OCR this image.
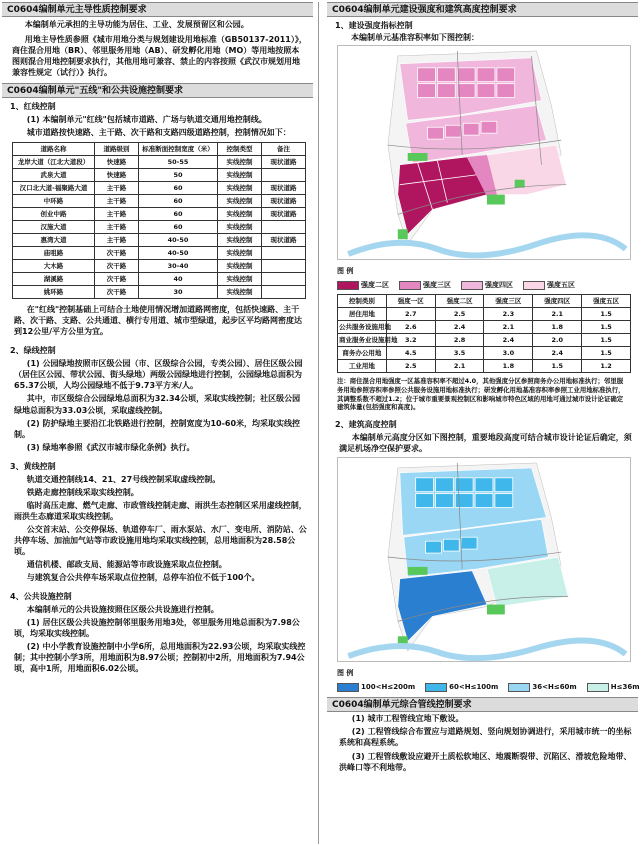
C0604编制单元主导性质控制要求
本编制单元承担的主导功能为居住、工业、发展预留区和公园。
用地主导性质参照《城市用地分类与规划建设用地标准（GB50137-2011）》，商住混合用地（BR）、邻里服务用地（AB）、研发孵化用地（MO）等用地按照本图则混合用地控制要求执行，其他用地可兼容、禁止的内容按照《武汉市规划用地兼容性规定（试行）》执行。
C0604编制单元"五线"和公共设施控制要求
1、红线控制
(1) 本编制单元"红线"包括城市道路、广场与轨道交通用地控制线。
城市道路按快速路、主干路、次干路和支路四级道路控制，控制情况如下：
道路名称	道路级别	标准断面控制宽度（米）	控制类型	备注
龙岸大道（江北大道段）	快速路	50-55	实线控制	现状道路
武泉大道	快速路	50	实线控制	
汉口北大道-福聚路大道	主干路	60	实线控制	现状道路
中环路	主干路	60	实线控制	现状道路
创业中路	主干路	60	实线控制	现状道路
汉施大道	主干路	60	实线控制	
惠湾大道	主干路	40-50	实线控制	现状道路
庙咀路	次干路	40-50	实线控制	
大木路	次干路	30-40	实线控制	
湖溪路	次干路	40	实线控制	
姚环路	次干路	30	实线控制	
在"红线"控制基础上可结合土地使用情况增加道路网密度，包括快速路、主干路、次干路、支路、公共通道、横行专用道、城市型绿道，起步区平均路网密度达到12公里/平方公里为宜。
2、绿线控制
(1) 公园绿地按照市区级公园（市、区级综合公园，专类公园）、居住区级公园（居住区公园、带状公园、街头绿地）两级公园绿地进行控制，公园绿地总面积为65.37公顷，人均公园绿地不低于9.73平方米/人。
其中，市区级综合公园绿地总面积为32.34公顷，采取实线控制；社区级公园绿地总面积为33.03公顷，采取虚线控制。
(2) 防护绿地主要沿江北铁路进行控制，控制宽度为10-60米，均采取实线控制。
(3) 绿地率参照《武汉市城市绿化条例》执行。
3、黄线控制
轨道交通控制线14、21、27号线控制采取虚线控制。
铁路走廊控制线采取实线控制。
临时高压走廊、燃气走廊、市政管线控制走廊、雨洪生态控制区采用虚线控制，雨洪生态廊道采取实线控制。
公交首末站、公交停保场、轨道停车厂、雨水泵站、水厂、变电所、消防站、公共停车场、加油加气站等市政设施用地均采取实线控制，总用地面积为28.58公顷。
通信机楼、邮政支局、能源站等市政设施采取点位控制。
与建筑复合公共停车场采取点位控制，总停车泊位不低于100个。
4、公共设施控制
本编制单元的公共设施按照住区级公共设施进行控制。
(1) 居住区级公共设施控制邻里服务用地3处，邻里服务用地总面积为7.98公顷，均采取实线控制。
(2) 中小学教育设施控制中小学6所，总用地面积为22.93公顷，均采取实线控制；其中控制小学3所，用地面积为8.97公顷；控制初中2所，用地面积为7.94公顷，高中1所，用地面积6.02公顷。
C0604编制单元建设强度和建筑高度控制要求
1、建设强度指标控制
本编制单元基准容积率如下图控制：
图 例
强度二区	强度三区	强度四区	强度五区
控制类别	强度一区	强度二区	强度三区	强度四区	强度五区
居住用地	2.7	2.5	2.3	2.1	1.5
公共服务设施用地	2.6	2.4	2.1	1.8	1.5
商业服务业设施用地	3.2	2.8	2.4	2.0	1.5
商务办公用地	4.5	3.5	3.0	2.4	1.5
工业用地	2.5	2.1	1.8	1.5	1.2
注：商住混合用地强度一区基准容积率不超过4.0，其他强度分区参照商务办公用地标准执行；邻里服务用地参照容积率参照公共服务设施用地标准执行；研发孵化用地基准容积率参照工业用地标准执行，其调整系数不超过1.2；位于城市重要景观控制区和影响城市特色区域的用地可通过城市设计论证确定建筑体量(包括强度和高度)。
2、建筑高度控制
本编制单元高度分区如下图控制，重要地段高度可结合城市设计论证后确定，须满足机场净空保护要求。
图 例
100<H≤200m	60<H≤100m	36<H≤60m	H≤36m
C0604编制单元综合管线控制要求
(1) 城市工程管线宜地下敷设。
(2) 工程管线综合布置应与道路规划、竖向规划协调进行，采用城市统一的坐标系统和高程系统。
(3) 工程管线敷设应避开土质松软地区、地震断裂带、沉陷区、滑坡危险地带、洪峰口等不利地带。
